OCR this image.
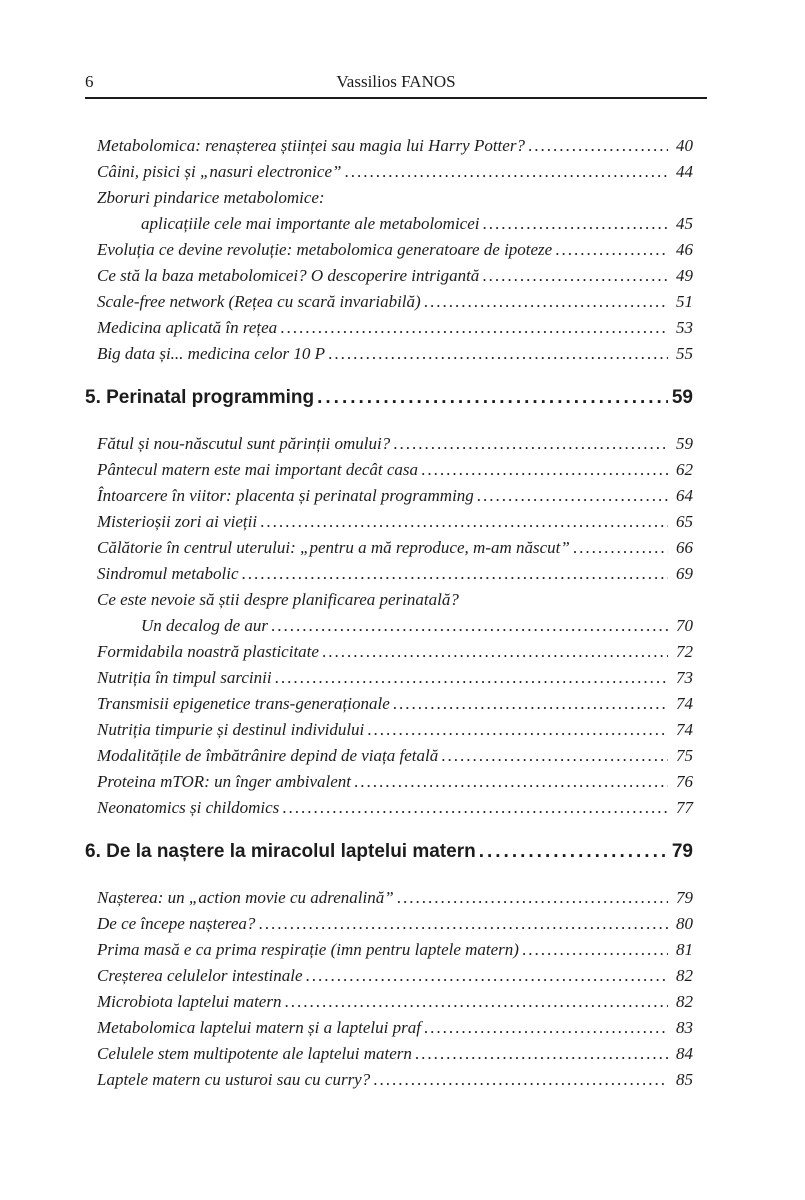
6	Vassilios FANOS
Metabolomica: renașterea științei sau magia lui Harry Potter? .....	40
Câini, pisici și „nasuri electronice” .....	44
Zboruri pindarice metabolomice:
aplicațiile cele mai importante ale metabolomicei .....	45
Evoluția ce devine revoluție: metabolomica generatoare de ipoteze .....	46
Ce stă la baza metabolomicei? O descoperire intrigantă .....	49
Scale-free network (Rețea cu scară invariabilă) .....	51
Medicina aplicată în rețea .....	53
Big data și... medicina celor 10 P .....	55
5. Perinatal programming .....	59
Fătul și nou-născutul sunt părinții omului? .....	59
Pântecul matern este mai important decât casa .....	62
Întoarcere în viitor: placenta și perinatal programming .....	64
Misterioșii zori ai vieții .....	65
Călătorie în centrul uterului: „pentru a mă reproduce, m-am născut” .....	66
Sindromul metabolic .....	69
Ce este nevoie să știi despre planificarea perinatală?
Un decalog de aur .....	70
Formidabila noastră plasticitate .....	72
Nutriția în timpul sarcinii .....	73
Transmisii epigenetice trans-generaționale .....	74
Nutriția timpurie și destinul individului .....	74
Modalitățile de îmbătrânire depind de viața fetală .....	75
Proteina mTOR: un înger ambivalent .....	76
Neonatomics și childomics .....	77
6. De la naștere la miracolul laptelui matern .....	79
Nașterea: un „action movie cu adrenalină” .....	79
De ce începe nașterea? .....	80
Prima masă e ca prima respirație (imn pentru laptele matern) .....	81
Creșterea celulelor intestinale .....	82
Microbiota laptelui matern .....	82
Metabolomica laptelui matern și a laptelui praf .....	83
Celulele stem multipotente ale laptelui matern .....	84
Laptele matern cu usturoi sau cu curry? .....	85
